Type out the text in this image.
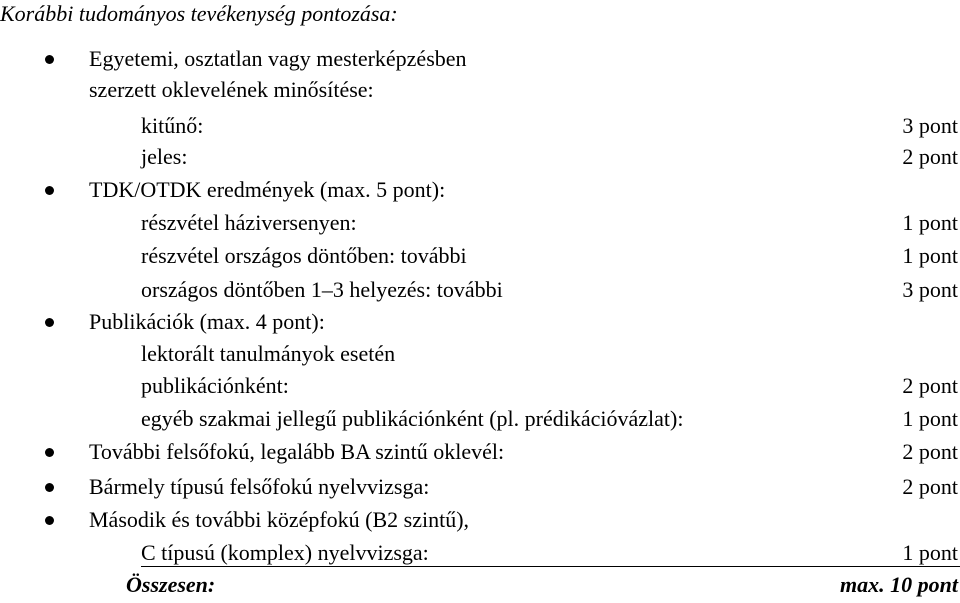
Korábbi tudományos tevékenység pontozása:
Egyetemi, osztatlan vagy mesterképzésben
szerzett oklevelének minősítése:
kitűnő:	3 pont
jeles:	2 pont
TDK/OTDK eredmények (max. 5 pont):
részvétel háziversenyen:	1 pont
részvétel országos döntőben: további	1 pont
országos döntőben 1–3 helyezés: további	3 pont
Publikációk (max. 4 pont):
lektorált tanulmányok esetén
publikációnként:	2 pont
egyéb szakmai jellegű publikációnként (pl. prédikációvázlat):	1 pont
További felsőfokú, legalább BA szintű oklevél:	2 pont
Bármely típusú felsőfokú nyelvvizsga:	2 pont
Második és további középfokú (B2 szintű),
C típusú (komplex) nyelvvizsga:	1 pont
Összesen:	max. 10 pont
